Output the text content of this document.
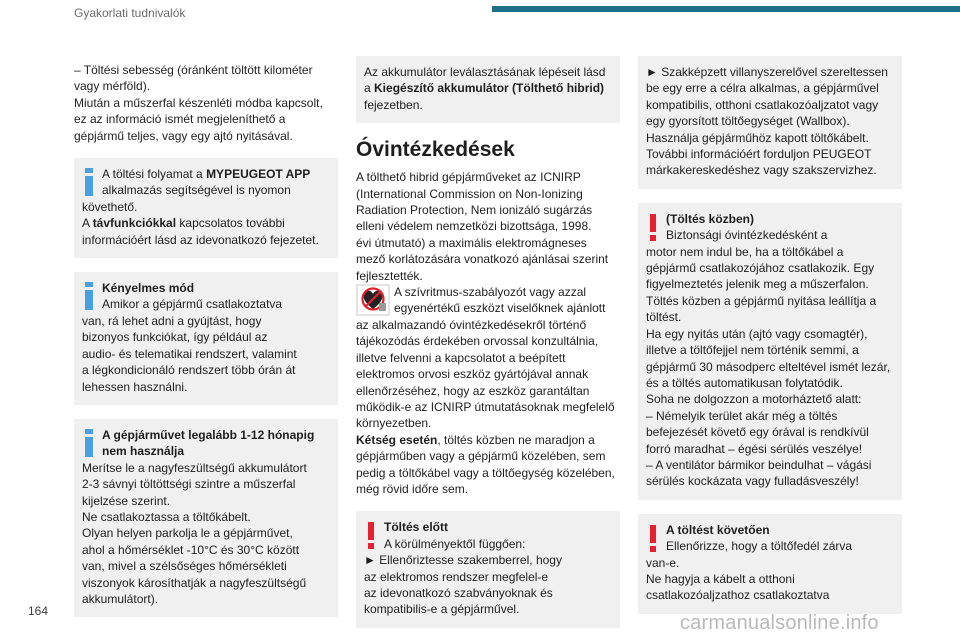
Gyakorlati tudnivalók

– Töltési sebesség (óránként töltött kilométer

vagy mérföld).

Miután a műszerfal készenléti módba kapcsolt,

ez az információ ismét megjeleníthető a

gépjármű teljes, vagy egy ajtó nyitásával.

A töltési folyamat a MYPEUGEOT APP

alkalmazás segítségével is nyomon

követhető.

A távfunkciókkal kapcsolatos további

információért lásd az idevonatkozó fejezetet.

Kényelmes mód

Amikor a gépjármű csatlakoztatva

van, rá lehet adni a gyújtást, hogy

bizonyos funkciókat, így például az

audio- és telematikai rendszert, valamint

a légkondicionáló rendszert több órán át

lehessen használni.

A gépjárművet legalább 1-12 hónapig

nem használja

Merítse le a nagyfeszültségű akkumulátort

2-3 sávnyi töltöttségi szintre a műszerfal

kijelzése szerint.

Ne csatlakoztassa a töltőkábelt.

Olyan helyen parkolja le a gépjárművet,

ahol a hőmérséklet -10°C és 30°C között

van, mivel a szélsőséges hőmérsékleti

viszonyok károsíthatják a nagyfeszültségű

akkumulátort).

Az akkumulátor leválasztásának lépéseit lásd

a Kiegészítő akkumulátor (Tölthető hibrid)

fejezetben.

Óvintézkedések

A tölthető hibrid gépjárműveket az ICNIRP

(International Commission on Non-Ionizing

Radiation Protection, Nem ionizáló sugárzás

elleni védelem nemzetközi bizottsága, 1998.

évi útmutató) a maximális elektromágneses

mező korlátozására vonatkozó ajánlásai szerint

fejlesztették.

A szívritmus-szabályozót vagy azzal

egyenértékű eszközt viselőknek ajánlott

az alkalmazandó óvintézkedésekről történő

tájékozódás érdekében orvossal konzultálnia,

illetve felvenni a kapcsolatot a beépített

elektromos orvosi eszköz gyártójával annak

ellenőrzéséhez, hogy az eszköz garantáltan

működik-e az ICNIRP útmutatásoknak megfelelő

környezetben.

Kétség esetén, töltés közben ne maradjon a

gépjárműben vagy a gépjármű közelében, sem

pedig a töltőkábel vagy a töltőegység közelében,

még rövid időre sem.

Töltés előtt

A körülményektől függően:

► Ellenőriztesse szakemberrel, hogy

az elektromos rendszer megfelel-e

az idevonatkozó szabványoknak és

kompatibilis-e a gépjárművel.

► Szakképzett villanyszerelővel szereltessen

be egy erre a célra alkalmas, a gépjárművel

kompatibilis, otthoni csatlakozóaljzatot vagy

egy gyorsított töltőegységet (Wallbox).

Használja gépjárműhöz kapott töltőkábelt.

További információért forduljon PEUGEOT

márkakereskedéshez vagy szakszervizhez.

(Töltés közben)

Biztonsági óvintézkedésként a

motor nem indul be, ha a töltőkábel a

gépjármű csatlakozójához csatlakozik. Egy

figyelmeztetés jelenik meg a műszerfalon.

Töltés közben a gépjármű nyitása leállítja a

töltést.

Ha egy nyitás után (ajtó vagy csomagtér),

illetve a töltőfejjel nem történik semmi, a

gépjármű 30 másodperc elteltével ismét lezár,

és a töltés automatikusan folytatódik.

Soha ne dolgozzon a motorháztető alatt:

– Némelyik terület akár még a töltés

befejezését követő egy órával is rendkívül

forró maradhat – égési sérülés veszélye!

– A ventilátor bármikor beindulhat – vágási

sérülés kockázata vagy fulladásveszély!

A töltést követően

Ellenőrizze, hogy a töltőfedél zárva

van-e.

Ne hagyja a kábelt a otthoni

csatlakozóaljzathoz csatlakoztatva

164
carmanualsonline.info
